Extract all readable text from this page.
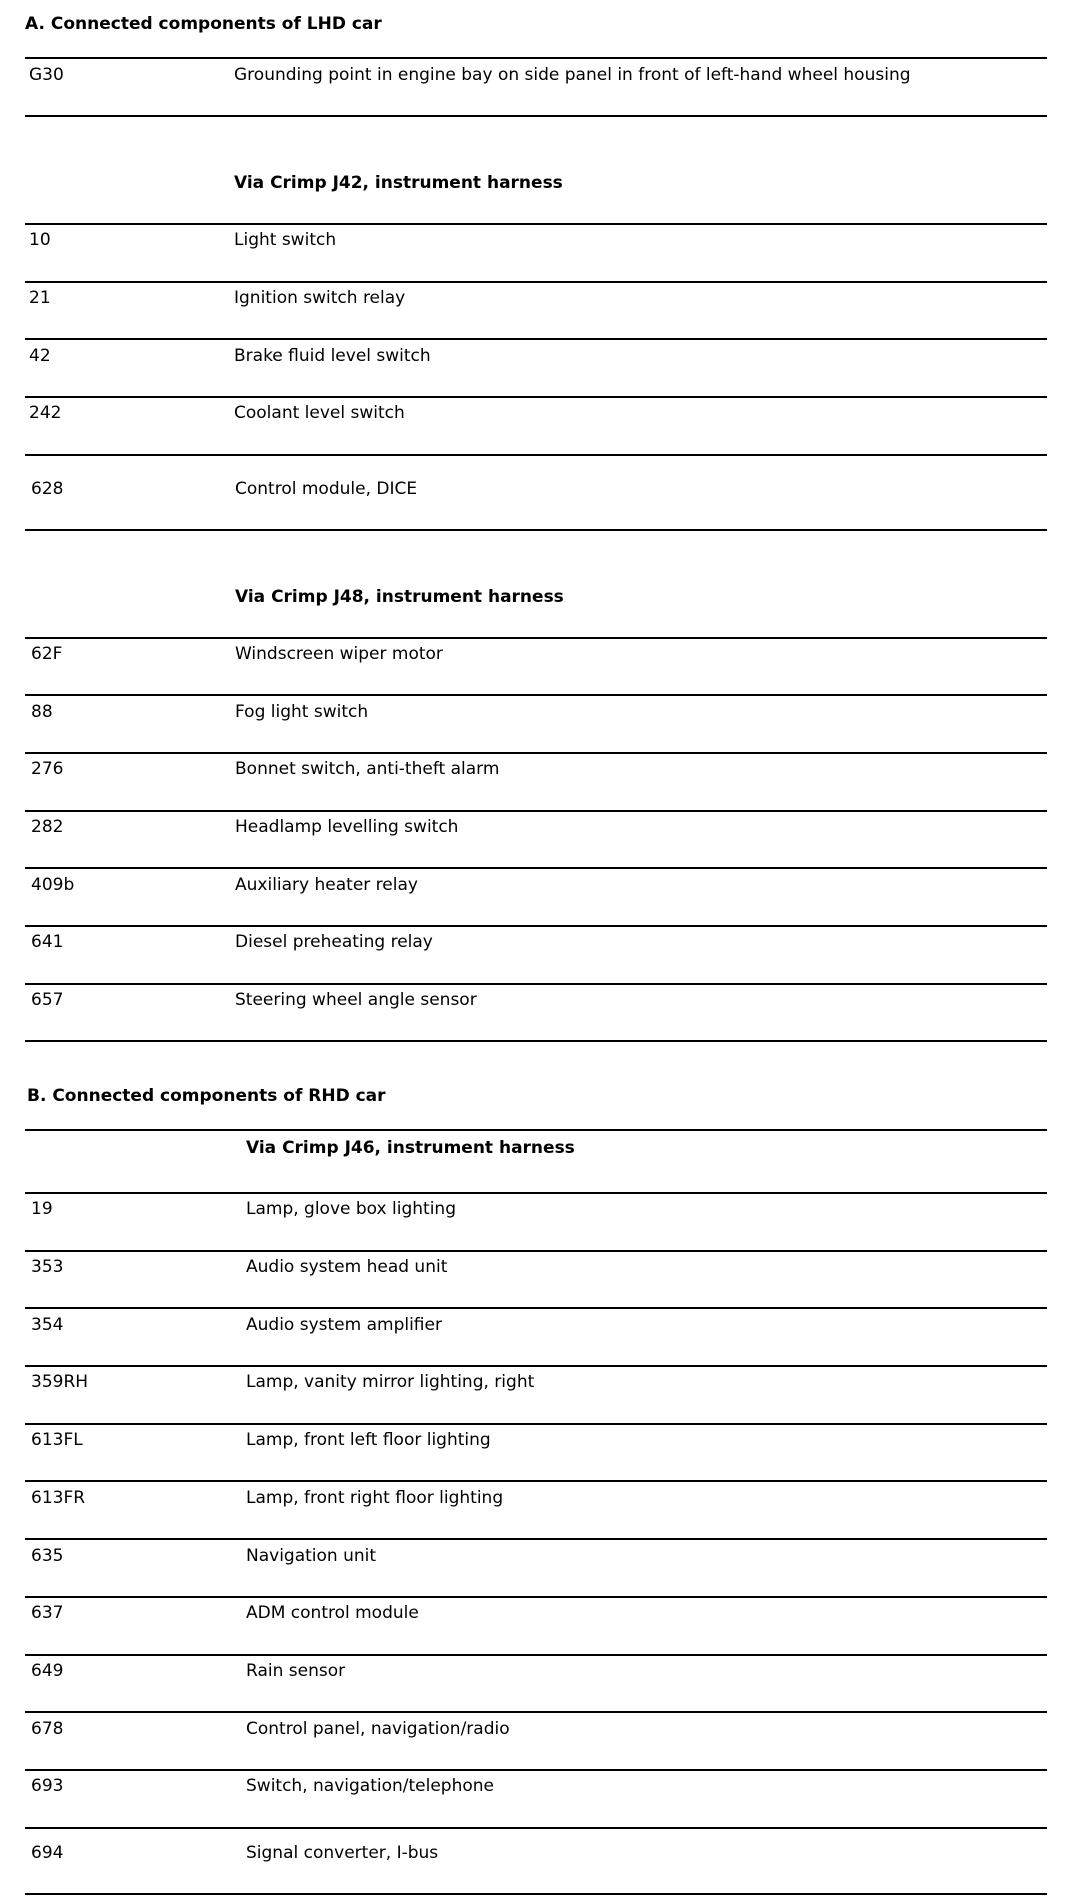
A. Connected components of LHD car
G30	Grounding point in engine bay on side panel in front of left-hand wheel housing
Via Crimp J42, instrument harness
10	Light switch
21	Ignition switch relay
42	Brake fluid level switch
242	Coolant level switch
628	Control module, DICE
Via Crimp J48, instrument harness
62F	Windscreen wiper motor
88	Fog light switch
276	Bonnet switch, anti-theft alarm
282	Headlamp levelling switch
409b	Auxiliary heater relay
641	Diesel preheating relay
657	Steering wheel angle sensor
B. Connected components of RHD car
Via Crimp J46, instrument harness
19	Lamp, glove box lighting
353	Audio system head unit
354	Audio system amplifier
359RH	Lamp, vanity mirror lighting, right
613FL	Lamp, front left floor lighting
613FR	Lamp, front right floor lighting
635	Navigation unit
637	ADM control module
649	Rain sensor
678	Control panel, navigation/radio
693	Switch, navigation/telephone
694	Signal converter, I-bus
